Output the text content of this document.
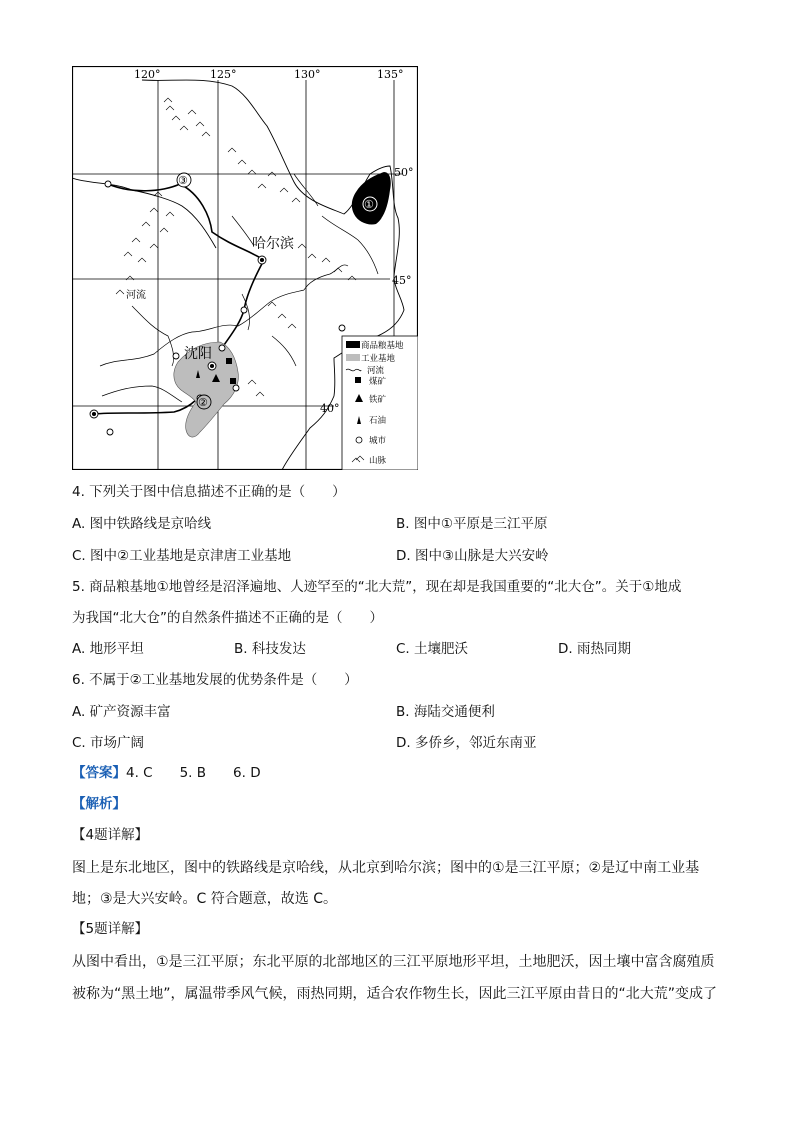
120°	125°	130°	135°
50°
45°
40°
①
③
②
哈尔滨
沈阳
河流
商品粮基地
工业基地
河流
煤矿
铁矿
石油
城市
山脉
4. 下列关于图中信息描述不正确的是（　　）
A. 图中铁路线是京哈线	B. 图中①平原是三江平原
C. 图中②工业基地是京津唐工业基地	D. 图中③山脉是大兴安岭
5. 商品粮基地①地曾经是沼泽遍地、人迹罕至的“北大荒”，现在却是我国重要的“北大仓”。关于①地成
为我国“北大仓”的自然条件描述不正确的是（　　）
A. 地形平坦	B. 科技发达	C. 土壤肥沃	D. 雨热同期
6. 不属于②工业基地发展的优势条件是（　　）
A. 矿产资源丰富	B. 海陆交通便利
C. 市场广阔	D. 多侨乡，邻近东南亚
【答案】4. C　　5. B　　6. D
【解析】
【4题详解】
图上是东北地区，图中的铁路线是京哈线，从北京到哈尔滨；图中的①是三江平原；②是辽中南工业基
地；③是大兴安岭。C 符合题意，故选 C。
【5题详解】
从图中看出，①是三江平原；东北平原的北部地区的三江平原地形平坦，土地肥沃，因土壤中富含腐殖质
被称为“黑土地”，属温带季风气候，雨热同期，适合农作物生长，因此三江平原由昔日的“北大荒”变成了
